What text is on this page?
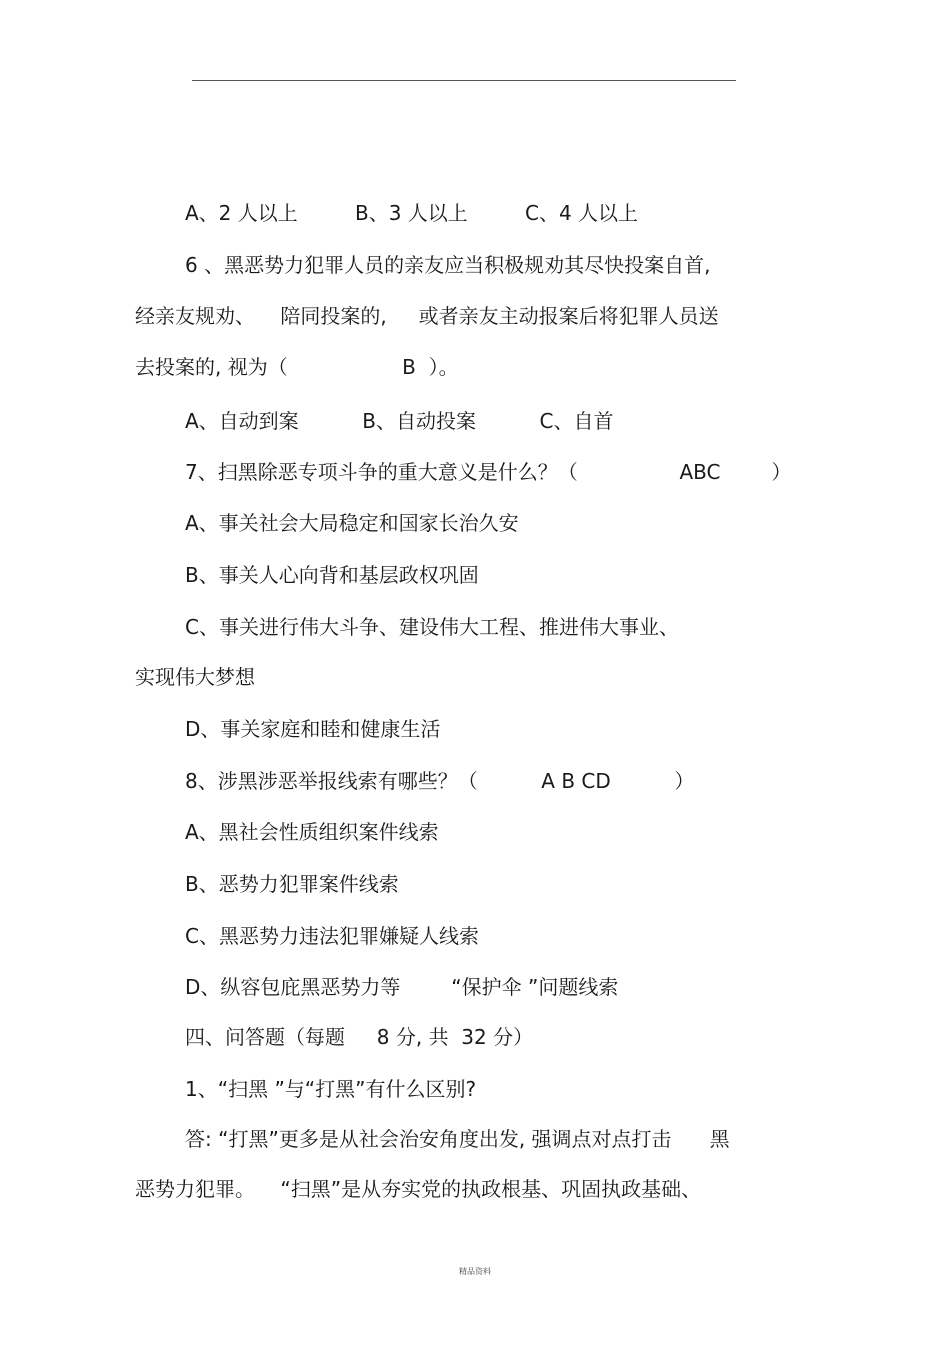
A、2 人以上         B、3 人以上         C、4 人以上
6 、黑恶势力犯罪人员的亲友应当积极规劝其尽快投案自首,
经亲友规劝、    陪同投案的,     或者亲友主动报案后将犯罪人员送
去投案的, 视为（                  B  ）。
A、自动到案          B、自动投案          C、自首
7、扫黑除恶专项斗争的重大意义是什么？（                ABC        ）
A、事关社会大局稳定和国家长治久安
B、事关人心向背和基层政权巩固
C、事关进行伟大斗争、建设伟大工程、推进伟大事业、
实现伟大梦想
D、事关家庭和睦和健康生活
8、涉黑涉恶举报线索有哪些？（          A B CD          ）
A、黑社会性质组织案件线索
B、恶势力犯罪案件线索
C、黑恶势力违法犯罪嫌疑人线索
D、纵容包庇黑恶势力等        “保护伞 ”问题线索
四、问答题（每题     8 分, 共  32 分）
1、“扫黑 ”与“打黑”有什么区别?
答: “打黑”更多是从社会治安角度出发, 强调点对点打击      黑
恶势力犯罪。    “扫黑”是从夯实党的执政根基、巩固执政基础、
精品资料
